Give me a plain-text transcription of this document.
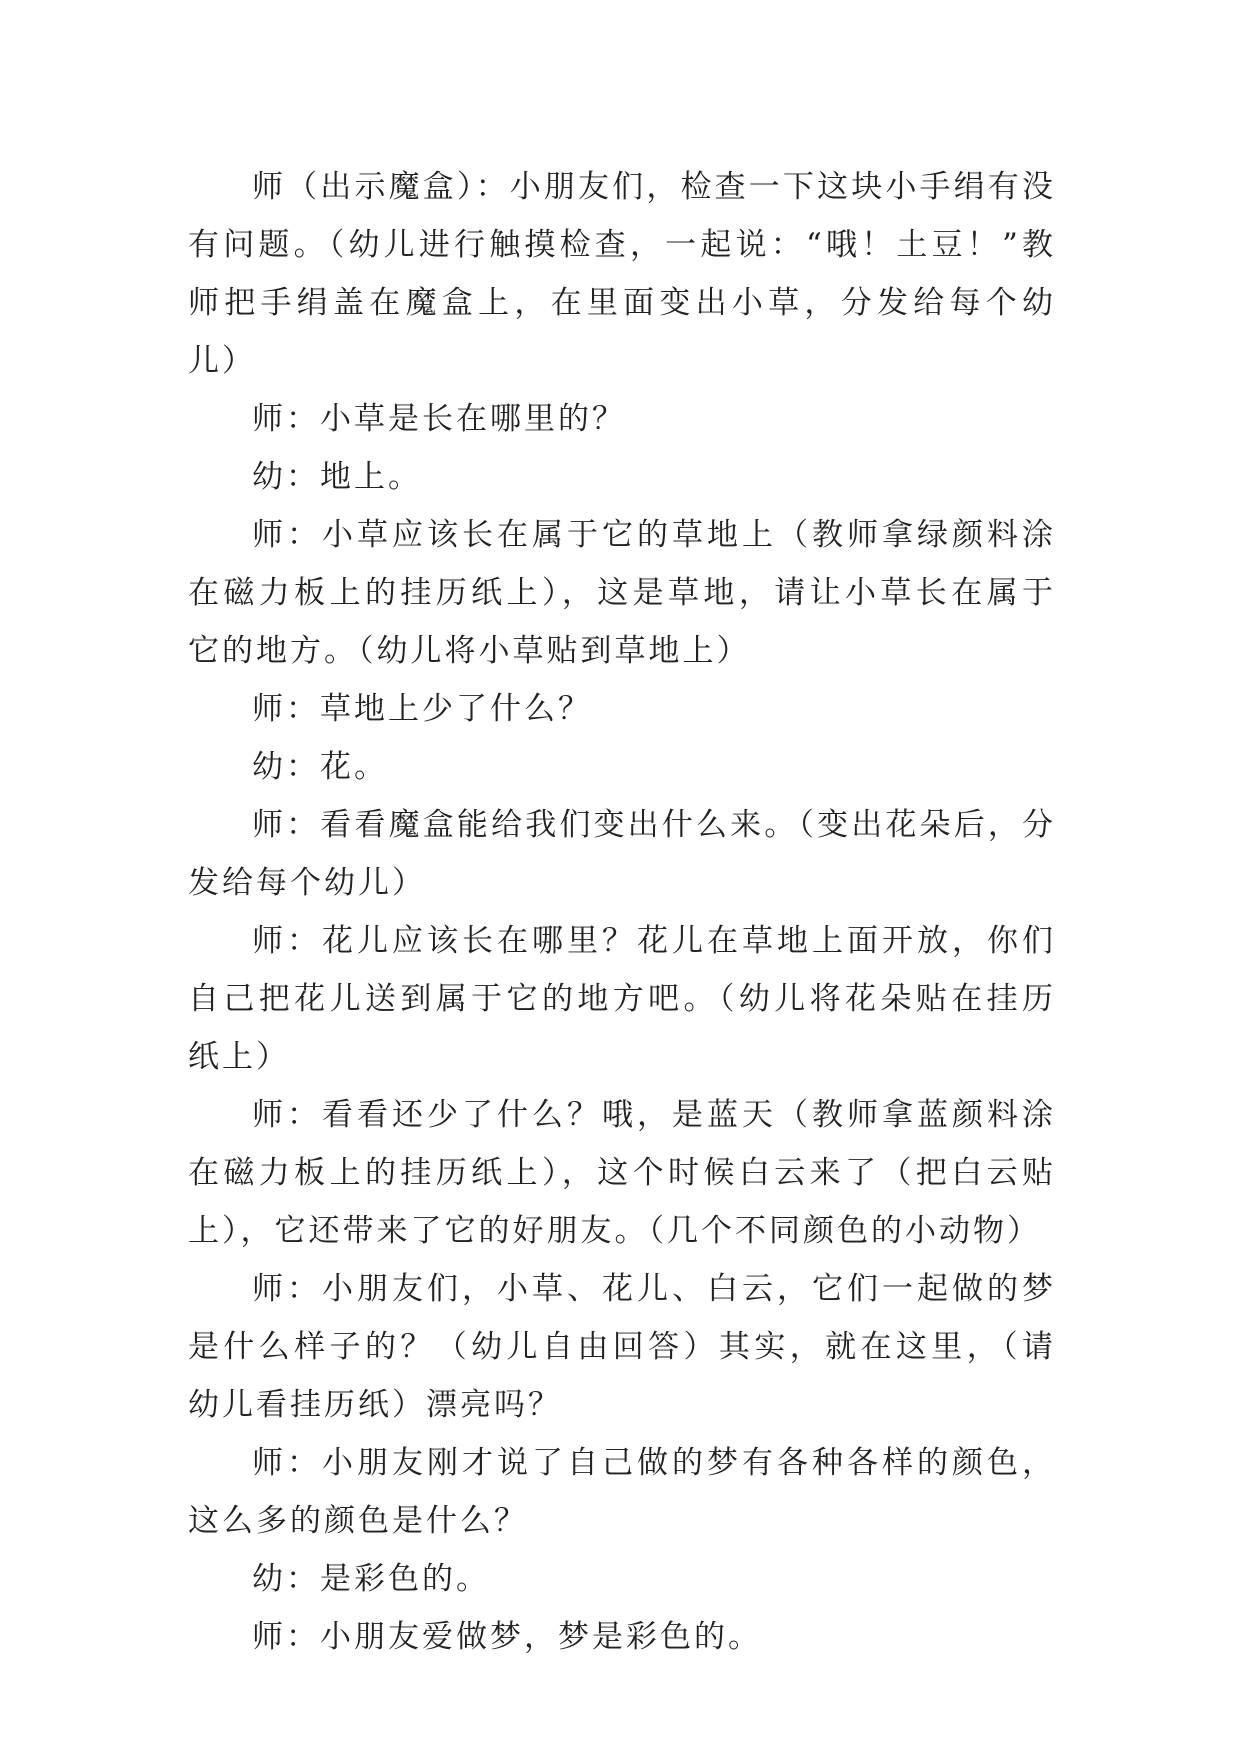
师（出示魔盒）：小朋友们，检查一下这块小手绢有没有问题。（幼儿进行触摸检查，一起说：“哦！土豆！”教师把手绢盖在魔盒上，在里面变出小草，分发给每个幼儿）

师：小草是长在哪里的？

幼：地上。

师：小草应该长在属于它的草地上（教师拿绿颜料涂在磁力板上的挂历纸上），这是草地，请让小草长在属于它的地方。（幼儿将小草贴到草地上）

师：草地上少了什么？

幼：花。

师：看看魔盒能给我们变出什么来。（变出花朵后，分发给每个幼儿）

师：花儿应该长在哪里？花儿在草地上面开放，你们自己把花儿送到属于它的地方吧。（幼儿将花朵贴在挂历纸上）

师：看看还少了什么？哦，是蓝天（教师拿蓝颜料涂在磁力板上的挂历纸上），这个时候白云来了（把白云贴上），它还带来了它的好朋友。（几个不同颜色的小动物）

师：小朋友们，小草、花儿、白云，它们一起做的梦是什么样子的？（幼儿自由回答）其实，就在这里，（请幼儿看挂历纸）漂亮吗？

师：小朋友刚才说了自己做的梦有各种各样的颜色，这么多的颜色是什么？

幼：是彩色的。

师：小朋友爱做梦，梦是彩色的。
